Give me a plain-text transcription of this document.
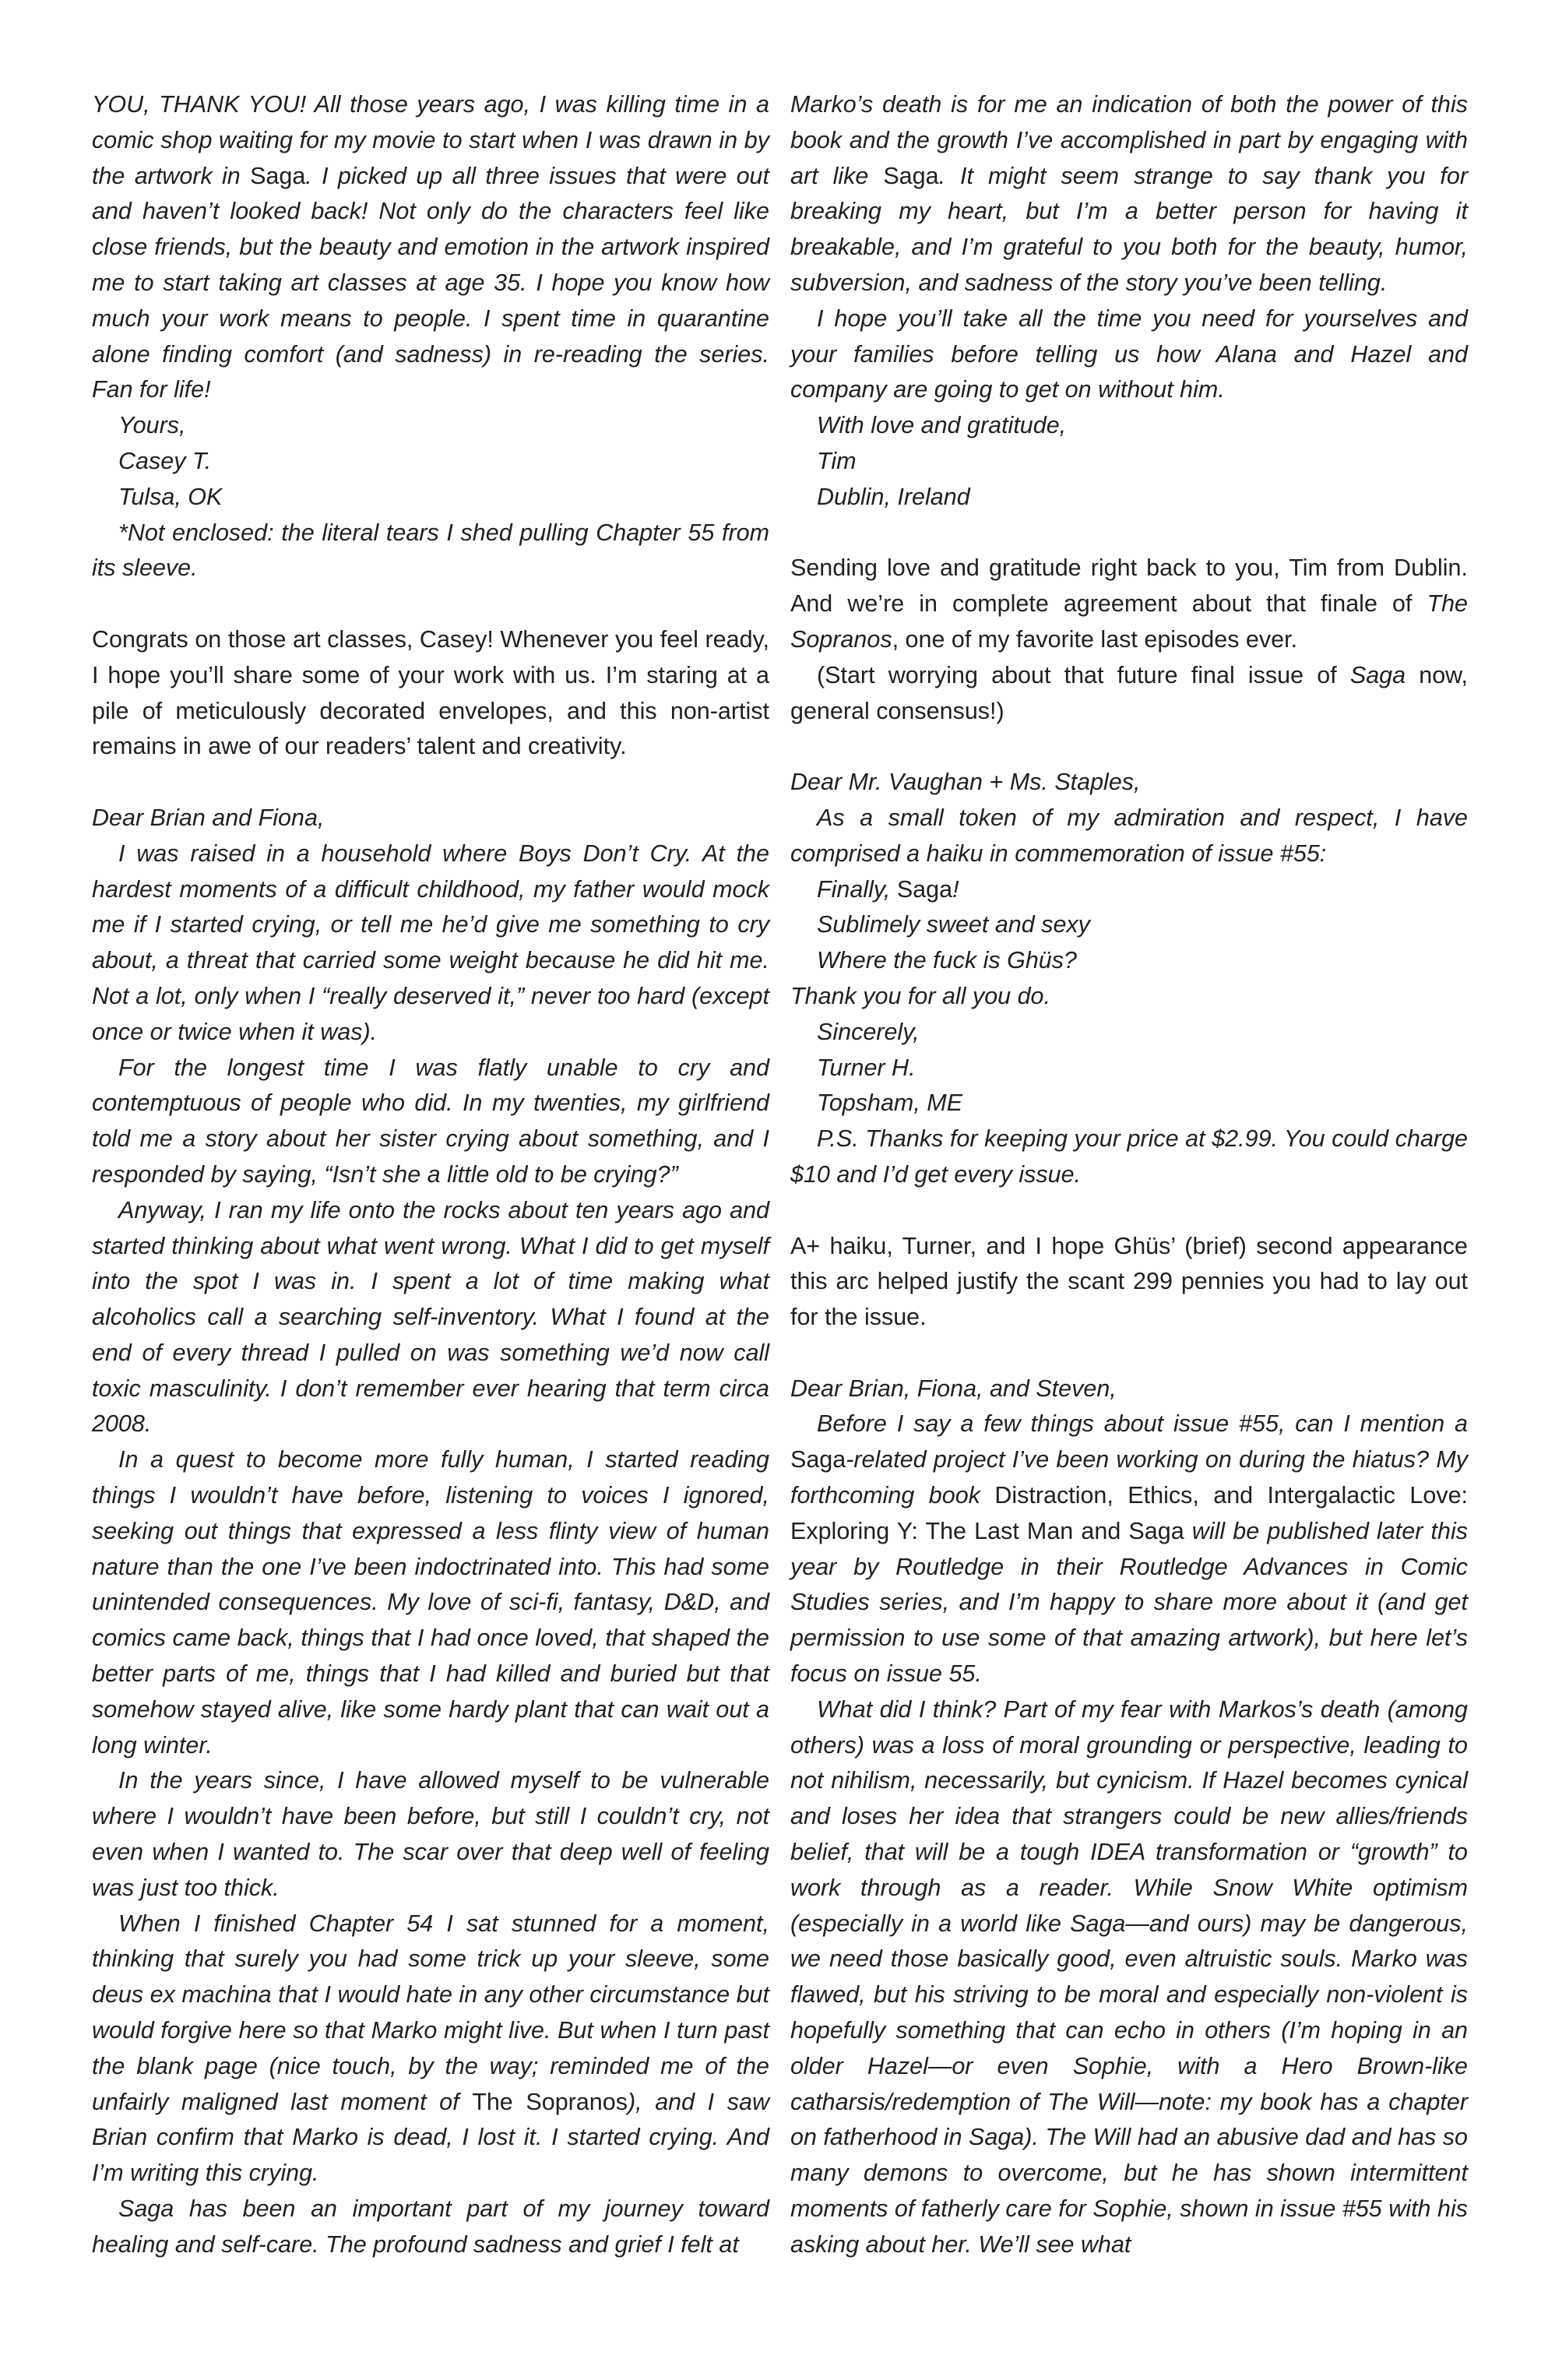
YOU, THANK YOU! All those years ago, I was killing time in a comic shop waiting for my movie to start when I was drawn in by the artwork in Saga. I picked up all three issues that were out and haven’t looked back! Not only do the characters feel like close friends, but the beauty and emotion in the artwork inspired me to start taking art classes at age 35. I hope you know how much your work means to people. I spent time in quarantine alone finding comfort (and sadness) in re-reading the series. Fan for life!

Yours,

Casey T.

Tulsa, OK

*Not enclosed: the literal tears I shed pulling Chapter 55 from its sleeve.

Congrats on those art classes, Casey! Whenever you feel ready, I hope you’ll share some of your work with us. I’m staring at a pile of meticulously decorated envelopes, and this non-artist remains in awe of our readers’ talent and creativity.

Dear Brian and Fiona,

I was raised in a household where Boys Don’t Cry. At the hardest moments of a difficult childhood, my father would mock me if I started crying, or tell me he’d give me something to cry about, a threat that carried some weight because he did hit me. Not a lot, only when I “really deserved it,” never too hard (except once or twice when it was).

For the longest time I was flatly unable to cry and contemptuous of people who did. In my twenties, my girlfriend told me a story about her sister crying about something, and I responded by saying, “Isn’t she a little old to be crying?”

Anyway, I ran my life onto the rocks about ten years ago and started thinking about what went wrong. What I did to get myself into the spot I was in. I spent a lot of time making what alcoholics call a searching self-inventory. What I found at the end of every thread I pulled on was something we’d now call toxic masculinity. I don’t remember ever hearing that term circa 2008.

In a quest to become more fully human, I started reading things I wouldn’t have before, listening to voices I ignored, seeking out things that expressed a less flinty view of human nature than the one I’ve been indoctrinated into. This had some unintended consequences. My love of sci-fi, fantasy, D&D, and comics came back, things that I had once loved, that shaped the better parts of me, things that I had killed and buried but that somehow stayed alive, like some hardy plant that can wait out a long winter.

In the years since, I have allowed myself to be vulnerable where I wouldn’t have been before, but still I couldn’t cry, not even when I wanted to. The scar over that deep well of feeling was just too thick.

When I finished Chapter 54 I sat stunned for a moment, thinking that surely you had some trick up your sleeve, some deus ex machina that I would hate in any other circumstance but would forgive here so that Marko might live. But when I turn past the blank page (nice touch, by the way; reminded me of the unfairly maligned last moment of The Sopranos), and I saw Brian confirm that Marko is dead, I lost it. I started crying. And I’m writing this crying.

Saga has been an important part of my journey toward healing and self-care. The profound sadness and grief I felt at

Marko’s death is for me an indication of both the power of this book and the growth I’ve accomplished in part by engaging with art like Saga. It might seem strange to say thank you for breaking my heart, but I’m a better person for having it breakable, and I’m grateful to you both for the beauty, humor, subversion, and sadness of the story you’ve been telling.

I hope you’ll take all the time you need for yourselves and your families before telling us how Alana and Hazel and company are going to get on without him.

With love and gratitude,

Tim

Dublin, Ireland

Sending love and gratitude right back to you, Tim from Dublin. And we’re in complete agreement about that finale of The Sopranos, one of my favorite last episodes ever.

(Start worrying about that future final issue of Saga now, general consensus!)

Dear Mr. Vaughan + Ms. Staples,

As a small token of my admiration and respect, I have comprised a haiku in commemoration of issue #55:

Finally, Saga!

Sublimely sweet and sexy

Where the fuck is Ghüs?

Thank you for all you do.

Sincerely,

Turner H.

Topsham, ME

P.S. Thanks for keeping your price at $2.99. You could charge $10 and I’d get every issue.

A+ haiku, Turner, and I hope Ghüs’ (brief) second appearance this arc helped justify the scant 299 pennies you had to lay out for the issue.

Dear Brian, Fiona, and Steven,

Before I say a few things about issue #55, can I mention a Saga-related project I’ve been working on during the hiatus? My forthcoming book Distraction, Ethics, and Intergalactic Love: Exploring Y: The Last Man and Saga will be published later this year by Routledge in their Routledge Advances in Comic Studies series, and I’m happy to share more about it (and get permission to use some of that amazing artwork), but here let’s focus on issue 55.

What did I think? Part of my fear with Markos’s death (among others) was a loss of moral grounding or perspective, leading to not nihilism, necessarily, but cynicism. If Hazel becomes cynical and loses her idea that strangers could be new allies/friends belief, that will be a tough IDEA transformation or “growth” to work through as a reader. While Snow White optimism (especially in a world like Saga—and ours) may be dangerous, we need those basically good, even altruistic souls. Marko was flawed, but his striving to be moral and especially non-violent is hopefully something that can echo in others (I’m hoping in an older Hazel—or even Sophie, with a Hero Brown-like catharsis/redemption of The Will—note: my book has a chapter on fatherhood in Saga). The Will had an abusive dad and has so many demons to overcome, but he has shown intermittent moments of fatherly care for Sophie, shown in issue #55 with his asking about her. We’ll see what
